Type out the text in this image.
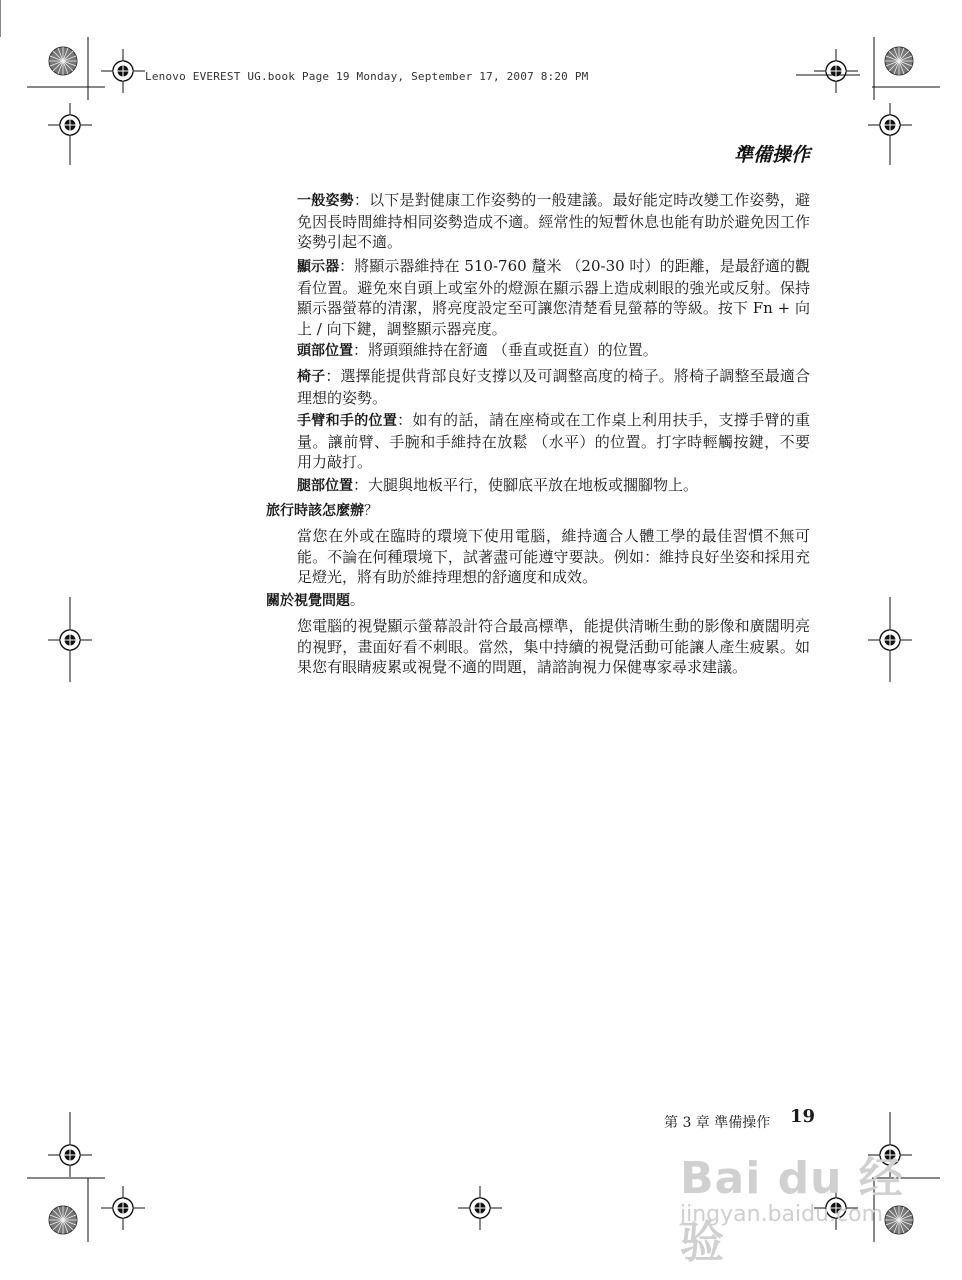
Lenovo EVEREST UG.book Page 19 Monday, September 17, 2007 8:20 PM
準備操作

一般姿勢：以下是對健康工作姿勢的一般建議。最好能定時改變工作姿勢，避免因長時間維持相同姿勢造成不適。經常性的短暫休息也能有助於避免因工作姿勢引起不適。

顯示器：將顯示器維持在 510-760 釐米 （20-30 吋）的距離，是最舒適的觀看位置。避免來自頭上或室外的燈源在顯示器上造成刺眼的強光或反射。保持顯示器螢幕的清潔，將亮度設定至可讓您清楚看見螢幕的等級。按下 Fn + 向上 / 向下鍵，調整顯示器亮度。

頭部位置：將頭頸維持在舒適 （垂直或挺直）的位置。

椅子：選擇能提供背部良好支撐以及可調整高度的椅子。將椅子調整至最適合理想的姿勢。

手臂和手的位置：如有的話，請在座椅或在工作桌上利用扶手，支撐手臂的重量。讓前臂、手腕和手維持在放鬆 （水平）的位置。打字時輕觸按鍵，不要用力敲打。

腿部位置：大腿與地板平行，使腳底平放在地板或擱腳物上。

旅行時該怎麼辦？

當您在外或在臨時的環境下使用電腦，維持適合人體工學的最佳習慣不無可能。不論在何種環境下，試著盡可能遵守要訣。例如：維持良好坐姿和採用充足燈光，將有助於維持理想的舒適度和成效。

關於視覺問題。

您電腦的視覺顯示螢幕設計符合最高標準，能提供清晰生動的影像和廣闊明亮的視野，畫面好看不刺眼。當然，集中持續的視覺活動可能讓人產生疲累。如果您有眼睛疲累或視覺不適的問題，請諮詢視力保健專家尋求建議。

第 3 章 準備操作 19
Bai du 经验
jingyan.baidu.com
